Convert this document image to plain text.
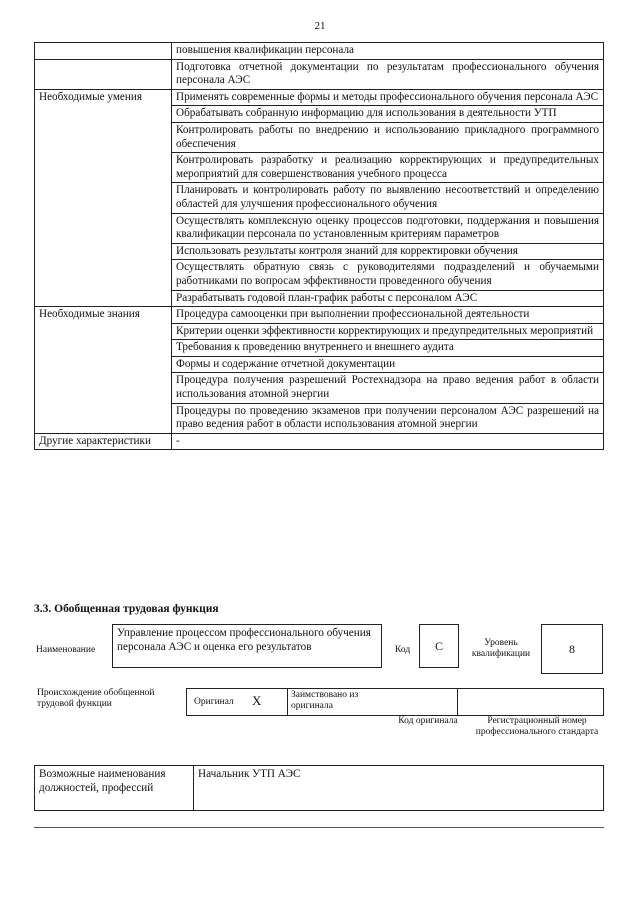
21
	повышения квалификации персонала
	Подготовка отчетной документации по результатам профессионального обучения персонала АЭС
Необходимые умения	Применять современные формы и методы профессионального обучения персонала АЭС
	Обрабатывать собранную информацию для использования в деятельности УТП
	Контролировать работы по внедрению и использованию прикладного программного обеспечения
	Контролировать разработку и реализацию корректирующих и предупредительных мероприятий для совершенствования учебного процесса
	Планировать и контролировать работу по выявлению несоответствий и определению областей для улучшения профессионального обучения
	Осуществлять комплексную оценку процессов подготовки, поддержания и повышения квалификации персонала по установленным критериям параметров
	Использовать результаты контроля знаний для корректировки обучения
	Осуществлять обратную связь с руководителями подразделений и обучаемыми работниками по вопросам эффективности проведенного обучения
	Разрабатывать годовой план-график работы с персоналом АЭС
Необходимые знания	Процедура самооценки при выполнении профессиональной деятельности
	Критерии оценки эффективности корректирующих и предупредительных мероприятий
	Требования к проведению внутреннего и внешнего аудита
	Формы и содержание отчетной документации
	Процедура получения разрешений Ростехнадзора на право ведения работ в области использования атомной энергии
	Процедуры по проведению экзаменов при получении персоналом АЭС разрешений на право ведения работ в области использования атомной энергии
Другие характеристики	-
3.3. Обобщенная трудовая функция
Наименование
Управление процессом профессионального обучения персонала АЭС и оценка его результатов	Код	С	Уровень квалификации	8
Происхождение обобщенной трудовой функции	Оригинал Х	Заимствовано из оригинала
Код оригинала	Регистрационный номер профессионального стандарта
Возможные наименования должностей, профессий	Начальник УТП АЭС
